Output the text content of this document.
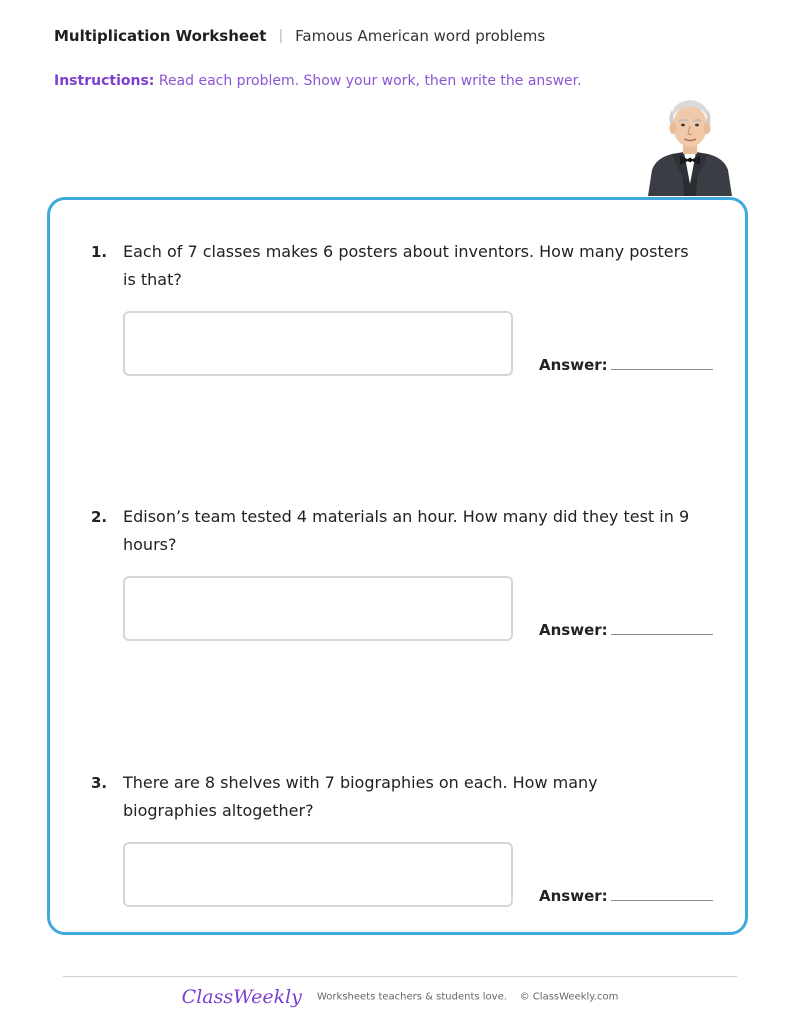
Multiplication Worksheet | Famous American word problems
Instructions: Read each problem. Show your work, then write the answer.
1. Each of 7 classes makes 6 posters about inventors. How many posters is that?
Answer:
2. Edison’s team tested 4 materials an hour. How many did they test in 9 hours?
Answer:
3. There are 8 shelves with 7 biographies on each. How many biographies altogether?
Answer:
ClassWeekly Worksheets teachers & students love.    © ClassWeekly.com
